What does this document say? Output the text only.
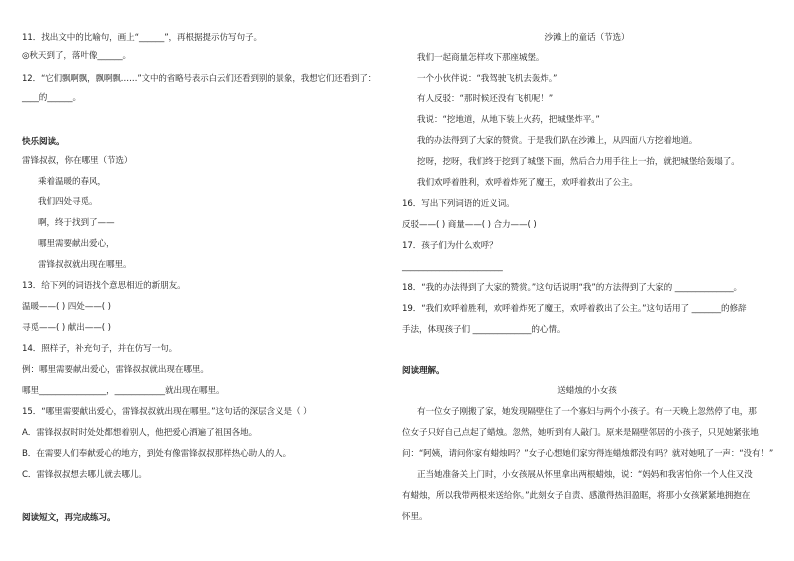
11．找出文中的比喻句，画上“______”，再根据提示仿写句子。
◎秋天到了，落叶像______。
12．“它们飘啊飘，飘啊飘……”文中的省略号表示白云们还看到别的景象，我想它们还看到了：
____的______。
快乐阅读。
雷锋叔叔，你在哪里（节选）
乘着温暖的春风，
我们四处寻觅。
啊，终于找到了——
哪里需要献出爱心，
雷锋叔叔就出现在哪里。
13．给下列的词语找个意思相近的新朋友。
温暖——( ) 四处——( )
寻觅——( ) 献出——( )
14．照样子，补充句子，并在仿写一句。
例：哪里需要献出爱心，雷锋叔叔就出现在哪里。
哪里________________，____________就出现在哪里。
15．“哪里需要献出爱心，雷锋叔叔就出现在哪里。”这句话的深层含义是（ ）
A．雷锋叔叔时时处处都想着别人，他把爱心洒遍了祖国各地。
B．在需要人们奉献爱心的地方，到处有像雷锋叔叔那样热心助人的人。
C．雷锋叔叔想去哪儿就去哪儿。
阅读短文，再完成练习。
沙滩上的童话（节选）
我们一起商量怎样攻下那座城堡。
一个小伙伴说：“我驾驶飞机去轰炸。”
有人反驳：“那时候还没有飞机呢！”
我说：“挖地道，从地下装上火药，把城堡炸平。”
我的办法得到了大家的赞赏。于是我们趴在沙滩上，从四面八方挖着地道。
挖呀，挖呀，我们终于挖到了城堡下面，然后合力用手往上一抬，就把城堡给轰塌了。
我们欢呼着胜利，欢呼着炸死了魔王，欢呼着救出了公主。
16．写出下列词语的近义词。
反驳——( ) 商量——( ) 合力——( )
17．孩子们为什么欢呼？
________________________
18．“我的办法得到了大家的赞赏。”这句话说明“我”的方法得到了大家的 ______________。
19．“我们欢呼着胜利，欢呼着炸死了魔王，欢呼着救出了公主。”这句话用了 _______的修辞
手法，体现孩子们 ______________的心情。
阅读理解。
送蜡烛的小女孩
有一位女子刚搬了家，她发现隔壁住了一个寡妇与两个小孩子。有一天晚上忽然停了电，那
位女子只好自己点起了蜡烛。忽然，她听到有人敲门。原来是隔壁邻居的小孩子，只见她紧张地
问：“阿姨，请问你家有蜡烛吗？”女子心想她们家穷得连蜡烛都没有吗？就对她吼了一声：“没有！”
正当她准备关上门时，小女孩展从怀里拿出两根蜡烛，说：“妈妈和我害怕你一个人住又没
有蜡烛，所以我带两根来送给你。”此刻女子自责、感激得热泪盈眶，将那小女孩紧紧地拥抱在
怀里。
